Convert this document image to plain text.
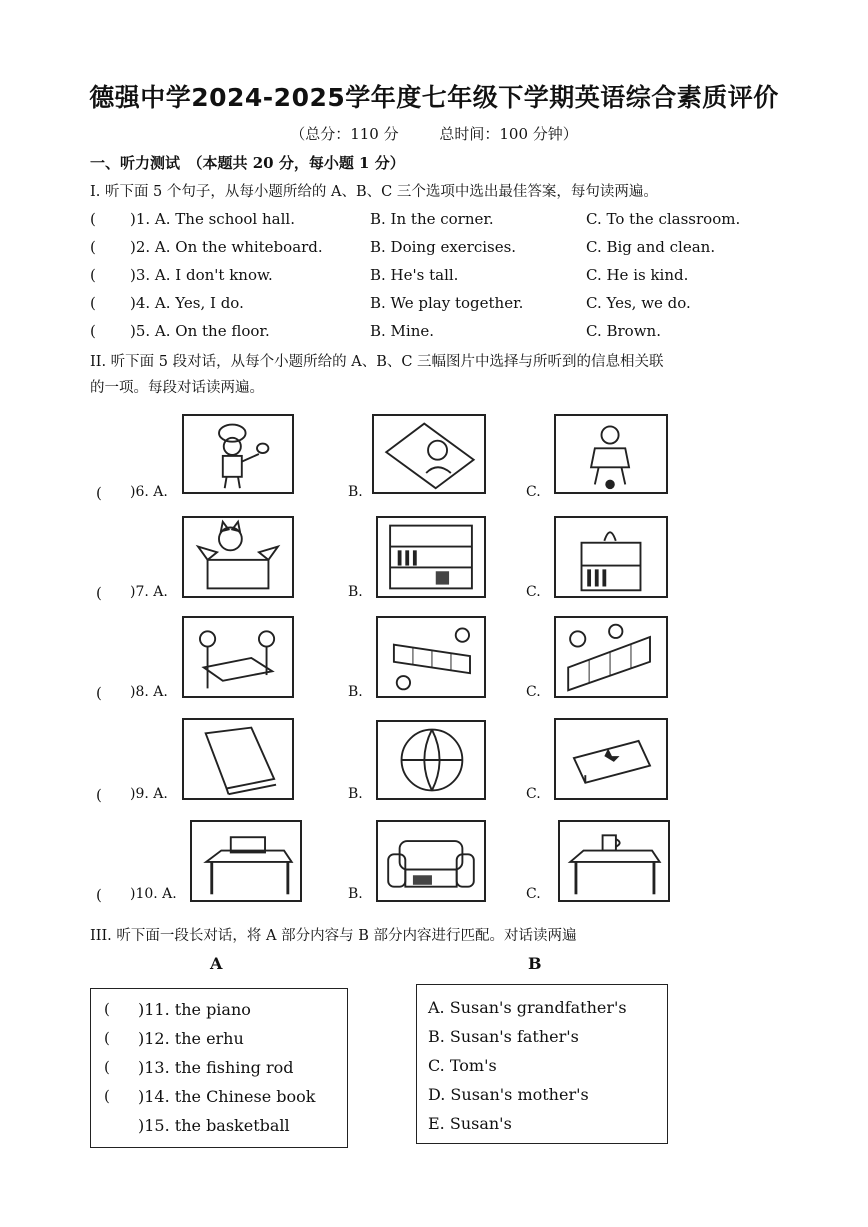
德强中学2024-2025学年度七年级下学期英语综合素质评价
（总分：110 分	总时间：100 分钟）
一、听力测试　（本题共 20 分，每小题 1 分）
I. 听下面 5 个句子，从每小题所给的 A、B、C 三个选项中选出最佳答案，每句读两遍。
( )1. A. The school hall.	B. In the corner.	C. To the classroom.
( )2. A. On the whiteboard.	B. Doing exercises.	C. Big and clean.
( )3. A. I don't know.	B. He's tall.	C. He is kind.
( )4. A. Yes, I do.	B. We play together.	C. Yes, we do.
( )5. A. On the floor.	B. Mine.	C. Brown.
II. 听下面 5 段对话，从每个小题所给的 A、B、C 三幅图片中选择与所听到的信息相关联
的一项。每段对话读两遍。
( )6. A.	B.	C.
( )7. A.	B.	C.
( )8. A.	B.	C.
( )9. A.	B.	C.
( )10. A.	B.	C.
III. 听下面一段长对话，将 A 部分内容与 B 部分内容进行匹配。对话读两遍
A	B
( )11. the piano
( )12. the erhu
( )13. the fishing rod
( )14. the Chinese book
)15. the basketball
A. Susan's grandfather's
B. Susan's father's
C. Tom's
D. Susan's mother's
E. Susan's
